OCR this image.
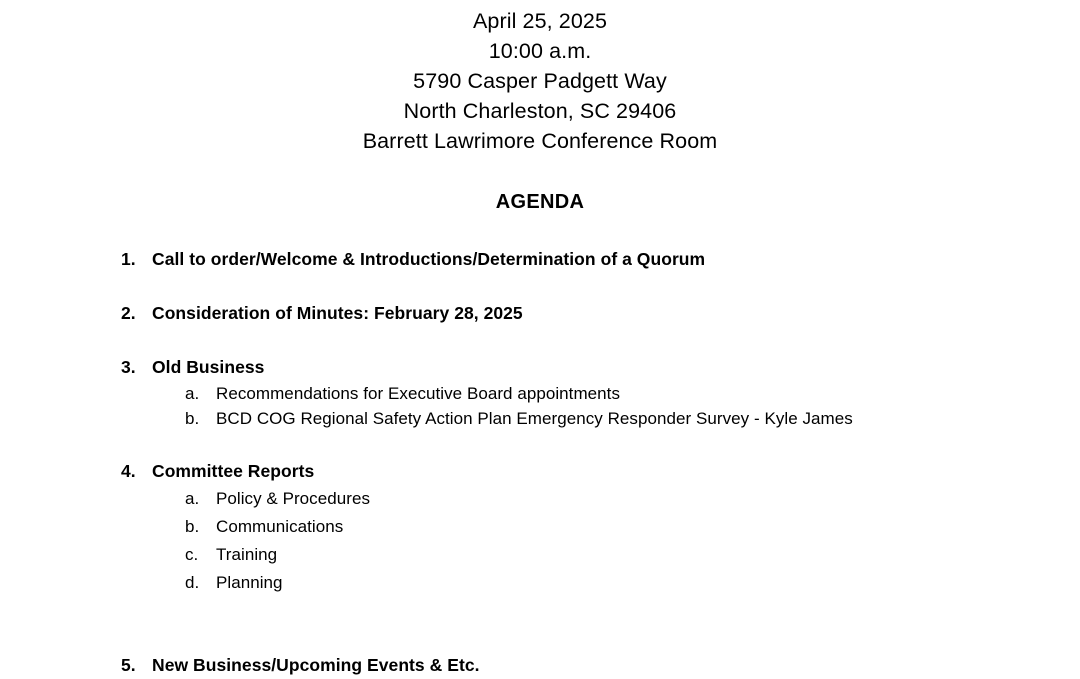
April 25, 2025
10:00 a.m.
5790 Casper Padgett Way
North Charleston, SC 29406
Barrett Lawrimore Conference Room
AGENDA
1. Call to order/Welcome & Introductions/Determination of a Quorum
2. Consideration of Minutes: February 28, 2025
3. Old Business
a. Recommendations for Executive Board appointments
b. BCD COG Regional Safety Action Plan Emergency Responder Survey - Kyle James
4. Committee Reports
a. Policy & Procedures
b. Communications
c. Training
d. Planning
5. New Business/Upcoming Events & Etc.
